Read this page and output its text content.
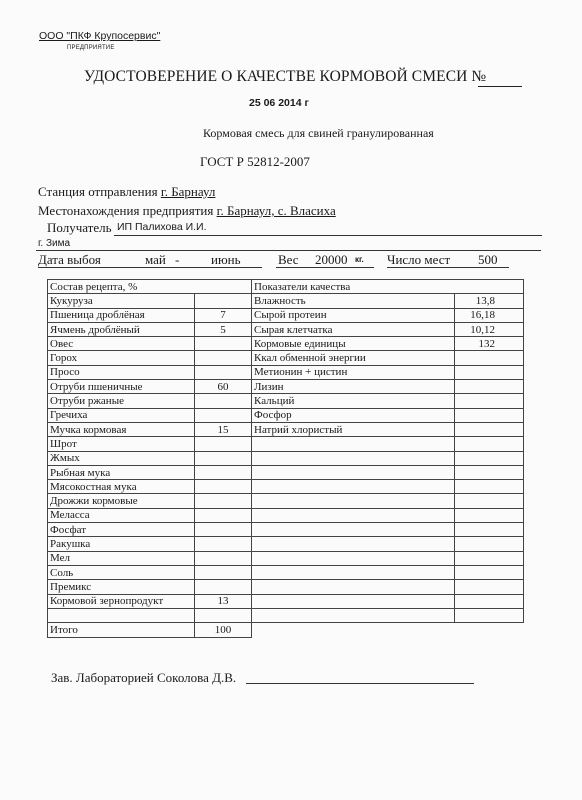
ООО "ПКФ Крупосервис"
ПРЕДПРИЯТИЕ
УДОСТОВЕРЕНИЕ О КАЧЕСТВЕ КОРМОВОЙ СМЕСИ №
25 06 2014 г
Кормовая смесь для свиней гранулированная
ГОСТ Р 52812-2007
Станция отправления г. Барнаул
Местонахождения предприятия г. Барнаул, с. Власиха
Получатель ИП Палихова И.И.
г. Зима
Дата выбоя	май - июнь	Вес 20000 кг. Число мест 500
Состав рецепта, %		Показатели качества	
Кукуруза		Влажность	13,8
Пшеница дроблёная	7	Сырой протеин	16,18
Ячмень дроблёный	5	Сырая клетчатка	10,12
Овес		Кормовые единицы	132
Горох		Ккал обменной энергии	
Просо		Метионин + цистин	
Отруби пшеничные	60	Лизин	
Отруби ржаные		Кальций	
Гречиха		Фосфор	
Мучка кормовая	15	Натрий хлористый	
Шрот			
Жмых			
Рыбная мука			
Мясокостная мука			
Дрожжи кормовые			
Меласса			
Фосфат			
Ракушка			
Мел			
Соль			
Премикс			
Кормовой зернопродукт	13		

Итого	100		
Зав. Лабораторией Соколова Д.В.
